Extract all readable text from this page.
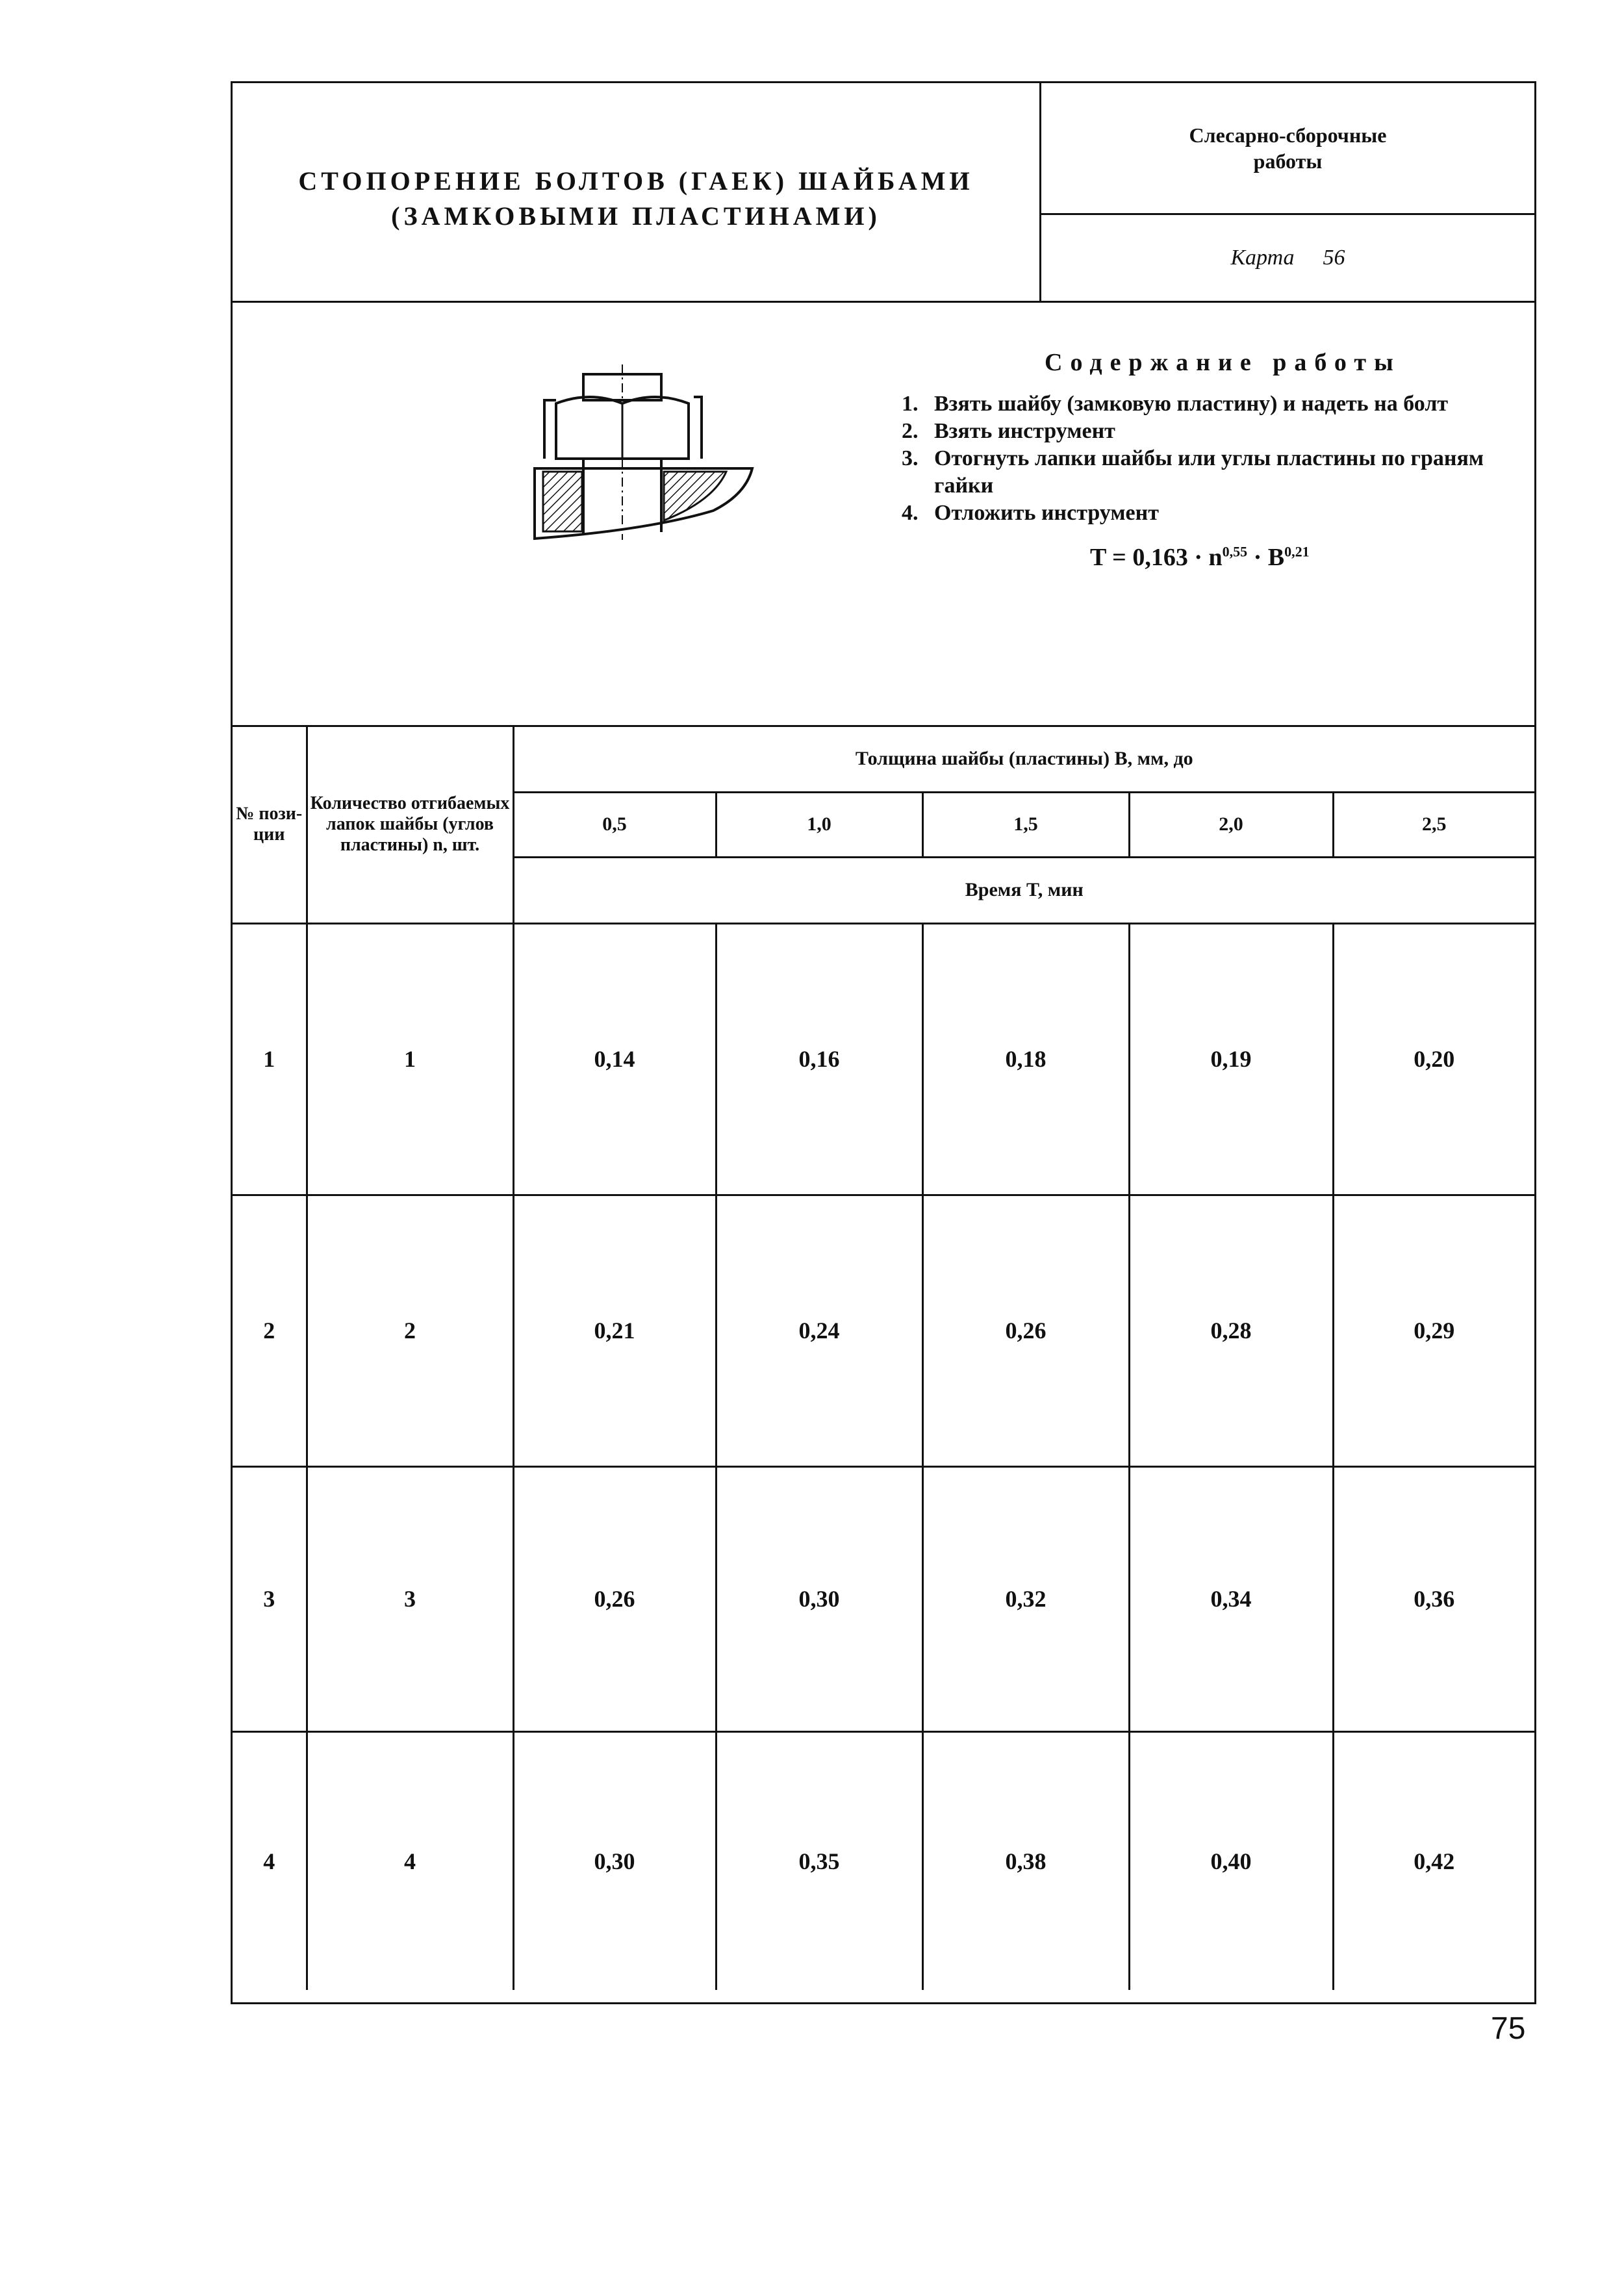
СТОПОРЕНИЕ БОЛТОВ (ГАЕК) ШАЙБАМИ
(ЗАМКОВЫМИ ПЛАСТИНАМИ)
Слесарно-сборочные
работы
Карта 56
Содержание работы
1. Взять шайбу (замковую пластину) и надеть на болт
2. Взять инструмент
3. Отогнуть лапки шайбы или углы пластины по граням гайки
4. Отложить инструмент
$T = 0,163 \cdot n^{0,55} \cdot B^{0,21}$
№ пози-ции	Количество отгибаемых лапок шайбы (углов пластины) n, шт.	Толщина шайбы (пластины) B, мм, до				
		0,5	1,0	1,5	2,0	2,5
		Время T, мин				
1	1	0,14	0,16	0,18	0,19	0,20
2	2	0,21	0,24	0,26	0,28	0,29
3	3	0,26	0,30	0,32	0,34	0,36
4	4	0,30	0,35	0,38	0,40	0,42
75
